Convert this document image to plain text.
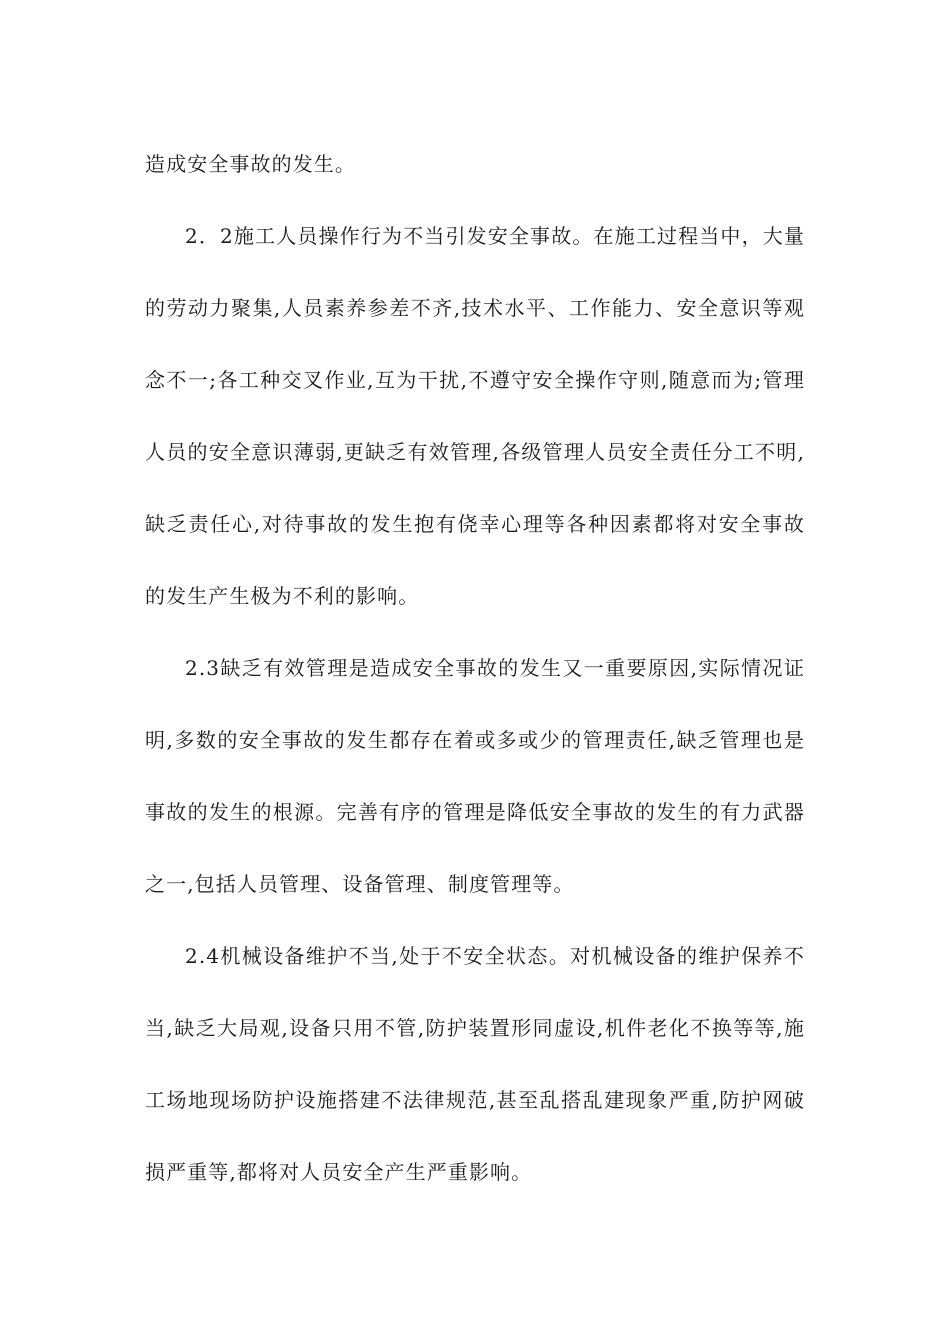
造成安全事故的发生。

2．2施工人员操作行为不当引发安全事故。在施工过程当中，大量的劳动力聚集,人员素养参差不齐,技术水平、工作能力、安全意识等观念不一;各工种交叉作业,互为干扰,不遵守安全操作守则,随意而为;管理人员的安全意识薄弱,更缺乏有效管理,各级管理人员安全责任分工不明,缺乏责任心,对待事故的发生抱有侥幸心理等各种因素都将对安全事故的发生产生极为不利的影响。

2.3缺乏有效管理是造成安全事故的发生又一重要原因,实际情况证明,多数的安全事故的发生都存在着或多或少的管理责任,缺乏管理也是事故的发生的根源。完善有序的管理是降低安全事故的发生的有力武器之一,包括人员管理、设备管理、制度管理等。

2.4机械设备维护不当,处于不安全状态。对机械设备的维护保养不当,缺乏大局观,设备只用不管,防护装置形同虚设,机件老化不换等等,施工场地现场防护设施搭建不法律规范,甚至乱搭乱建现象严重,防护网破损严重等,都将对人员安全产生严重影响。
